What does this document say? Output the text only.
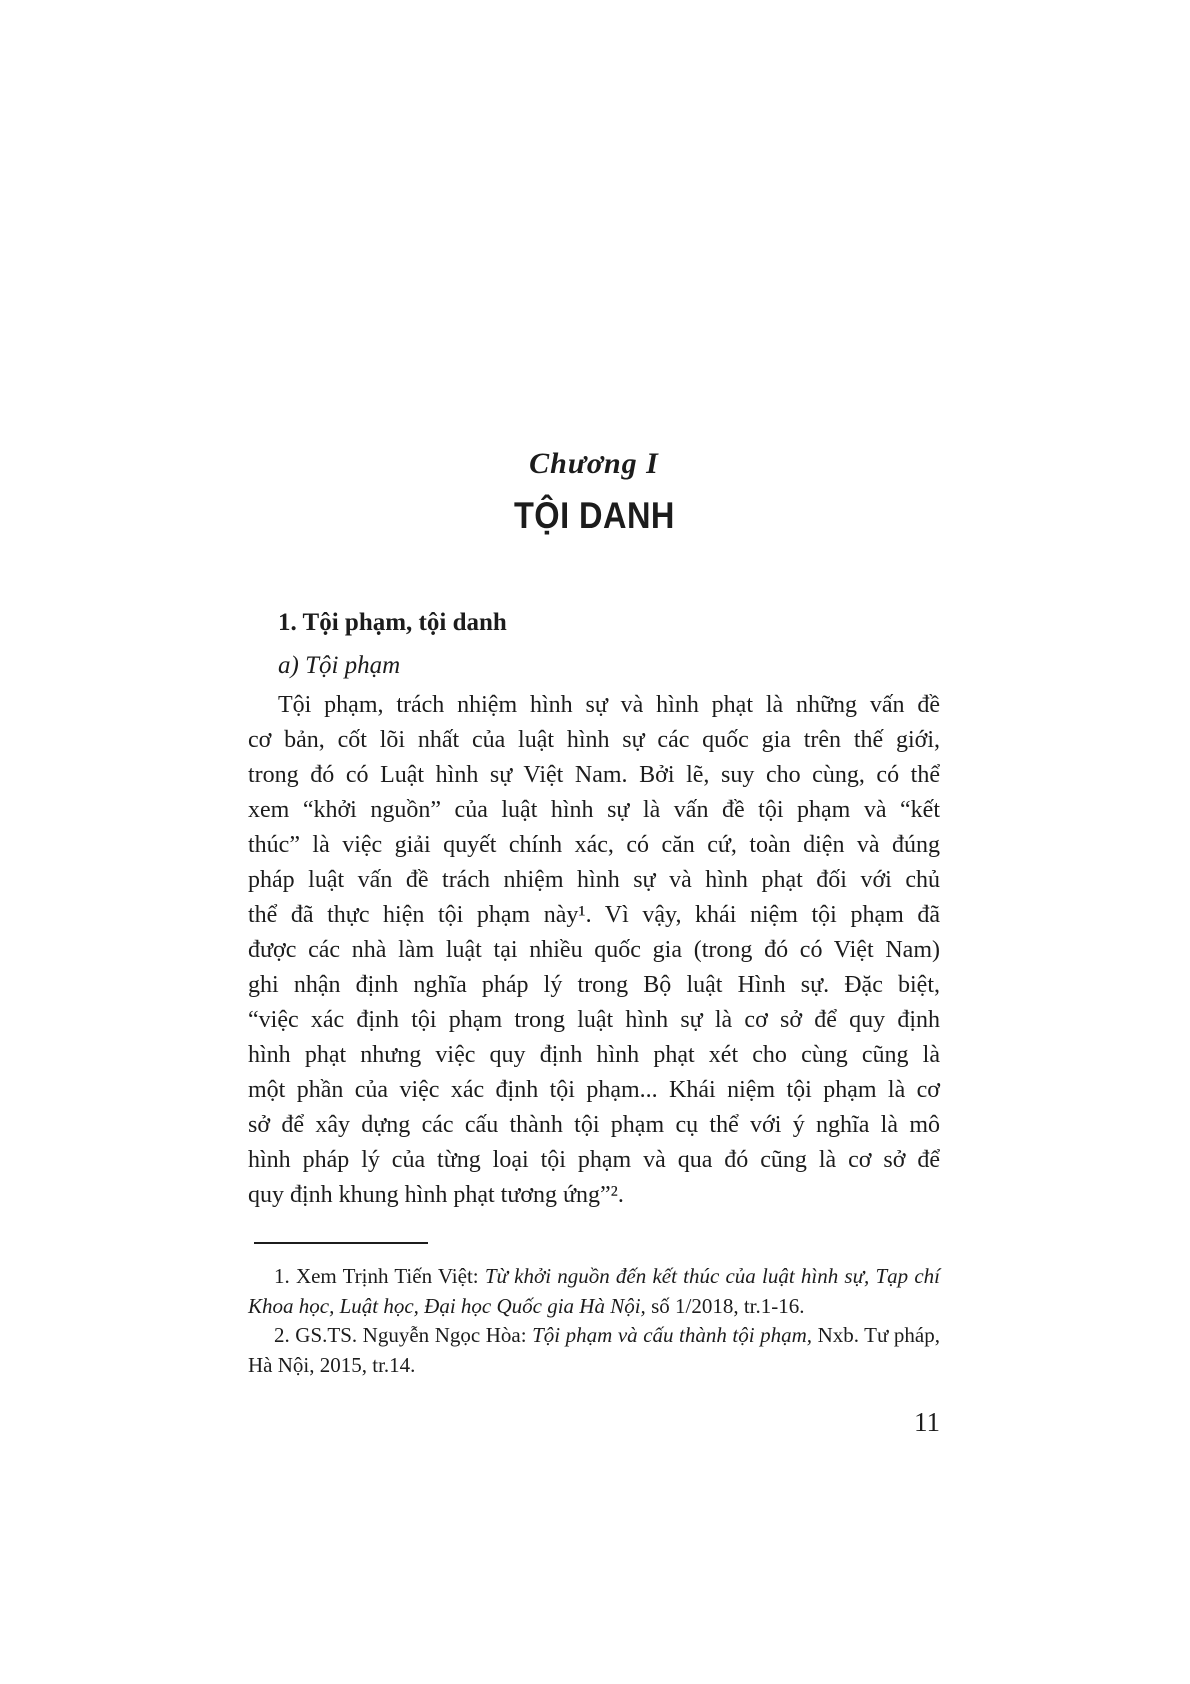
Chương I
TỘI DANH
1. Tội phạm, tội danh
a) Tội phạm
Tội phạm, trách nhiệm hình sự và hình phạt là những vấn đề
cơ bản, cốt lõi nhất của luật hình sự các quốc gia trên thế giới,
trong đó có Luật hình sự Việt Nam. Bởi lẽ, suy cho cùng, có thể
xem “khởi nguồn” của luật hình sự là vấn đề tội phạm và “kết
thúc” là việc giải quyết chính xác, có căn cứ, toàn diện và đúng
pháp luật vấn đề trách nhiệm hình sự và hình phạt đối với chủ
thể đã thực hiện tội phạm này¹. Vì vậy, khái niệm tội phạm đã
được các nhà làm luật tại nhiều quốc gia (trong đó có Việt Nam)
ghi nhận định nghĩa pháp lý trong Bộ luật Hình sự. Đặc biệt,
“việc xác định tội phạm trong luật hình sự là cơ sở để quy định
hình phạt nhưng việc quy định hình phạt xét cho cùng cũng là
một phần của việc xác định tội phạm... Khái niệm tội phạm là cơ
sở để xây dựng các cấu thành tội phạm cụ thể với ý nghĩa là mô
hình pháp lý của từng loại tội phạm và qua đó cũng là cơ sở để
quy định khung hình phạt tương ứng”².

1. Xem Trịnh Tiến Việt: Từ khởi nguồn đến kết thúc của luật hình sự, Tạp chí Khoa học, Luật học, Đại học Quốc gia Hà Nội, số 1/2018, tr.1-16.

2. GS.TS. Nguyễn Ngọc Hòa: Tội phạm và cấu thành tội phạm, Nxb. Tư pháp, Hà Nội, 2015, tr.14.

11
